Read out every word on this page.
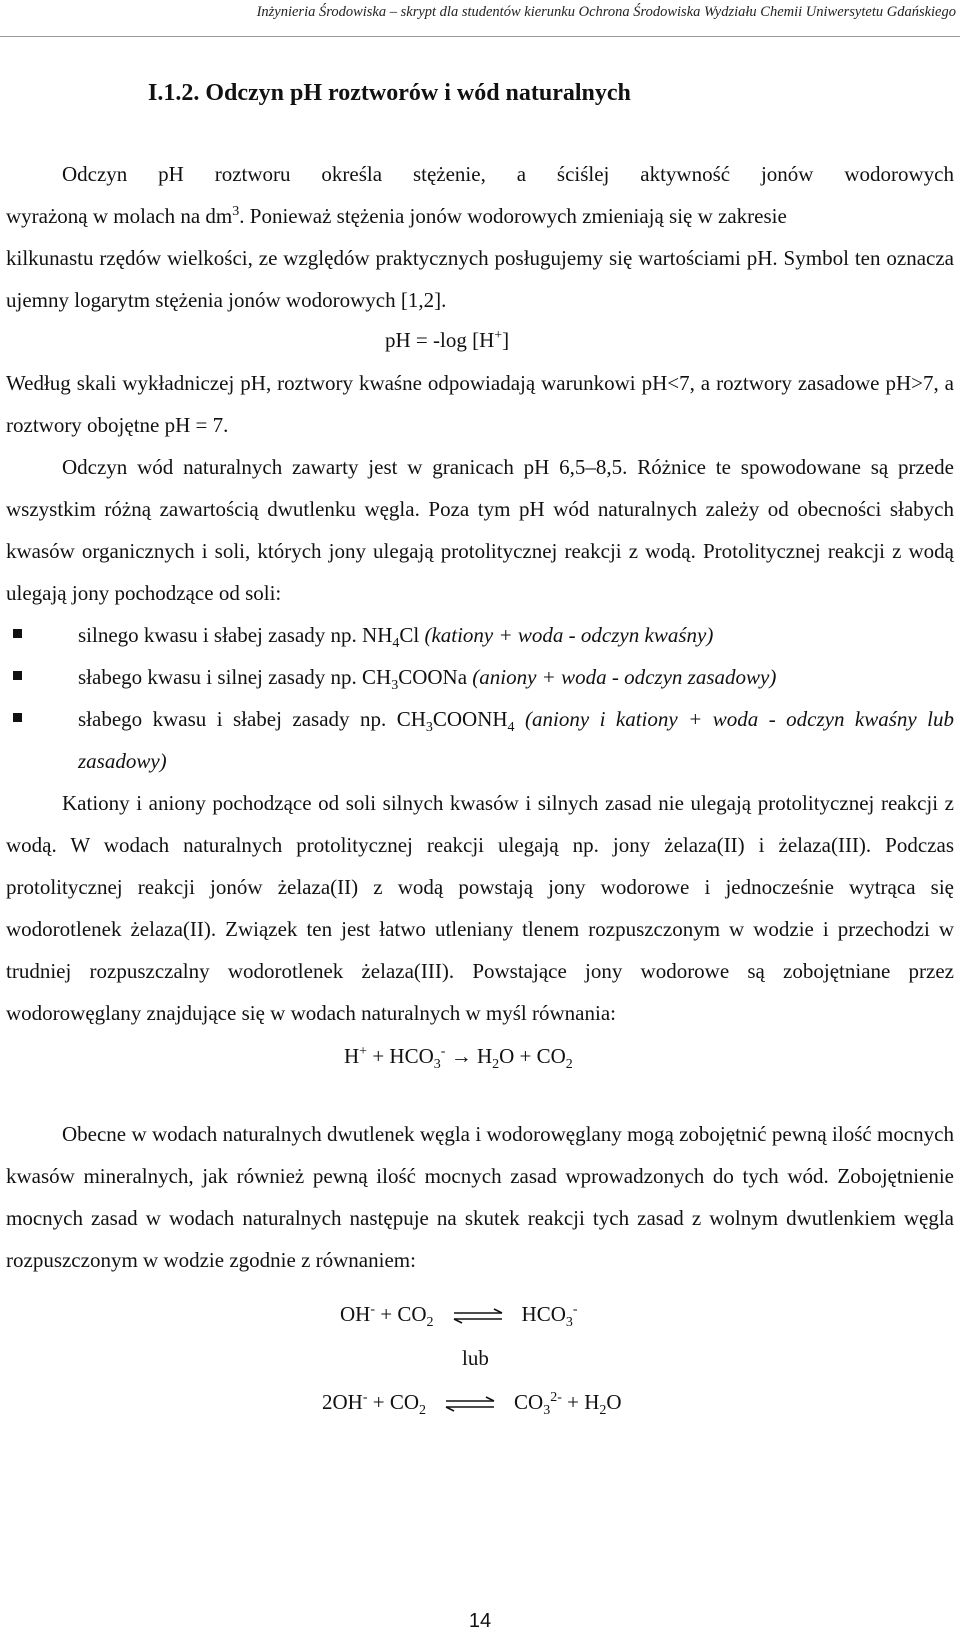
Inżynieria Środowiska – skrypt dla studentów kierunku Ochrona Środowiska Wydziału Chemii Uniwersytetu Gdańskiego
I.1.2. Odczyn pH roztworów i wód naturalnych
Odczyn pH roztworu określa stężenie, a ściślej aktywność jonów wodorowych
wyrażoną w molach na $dm^3$. Ponieważ stężenia jonów wodorowych zmieniają się w zakresie

kilkunastu rzędów wielkości, ze względów praktycznych posługujemy się wartościami pH. Symbol ten oznacza ujemny logarytm stężenia jonów wodorowych [1,2].

pH = -log [H+]

Według skali wykładniczej pH, roztwory kwaśne odpowiadają warunkowi pH<7, a roztwory zasadowe pH>7, a roztwory obojętne pH = 7.

Odczyn wód naturalnych zawarty jest w granicach pH 6,5–8,5. Różnice te spowodowane są przede wszystkim różną zawartością dwutlenku węgla. Poza tym pH wód naturalnych zależy od obecności słabych kwasów organicznych i soli, których jony ulegają protolitycznej reakcji z wodą. Protolitycznej reakcji z wodą ulegają jony pochodzące od soli:

silnego kwasu i słabej zasady np. $NH_4Cl$ (kationy + woda - odczyn kwaśny)
słabego kwasu i silnej zasady np. $CH_3COONa$ (aniony + woda - odczyn zasadowy)
słabego kwasu i słabej zasady np. $CH_3COONH_4$ (aniony i kationy + woda - odczyn kwaśny lub zasadowy)

Kationy i aniony pochodzące od soli silnych kwasów i silnych zasad nie ulegają protolitycznej reakcji z wodą. W wodach naturalnych protolitycznej reakcji ulegają np. jony żelaza(II) i żelaza(III). Podczas protolitycznej reakcji jonów żelaza(II) z wodą powstają jony wodorowe i jednocześnie wytrąca się wodorotlenek żelaza(II). Związek ten jest łatwo utleniany tlenem rozpuszczonym w wodzie i przechodzi w trudniej rozpuszczalny wodorotlenek żelaza(III). Powstające jony wodorowe są zobojętniane przez wodorowęglany znajdujące się w wodach naturalnych w myśl równania:

$H^+ + HCO_3^- \to H_2O + CO_2$

Obecne w wodach naturalnych dwutlenek węgla i wodorowęglany mogą zobojętnić pewną ilość mocnych kwasów mineralnych, jak również pewną ilość mocnych zasad wprowadzonych do tych wód. Zobojętnienie mocnych zasad w wodach naturalnych następuje na skutek reakcji tych zasad z wolnym dwutlenkiem węgla rozpuszczonym w wodzie zgodnie z równaniem:

$OH^- + CO_2$ ⇌ $HCO_3^-$
lub
$2OH^- + CO_2$ ⇌ $CO_3^{2-} + H_2O$
14
